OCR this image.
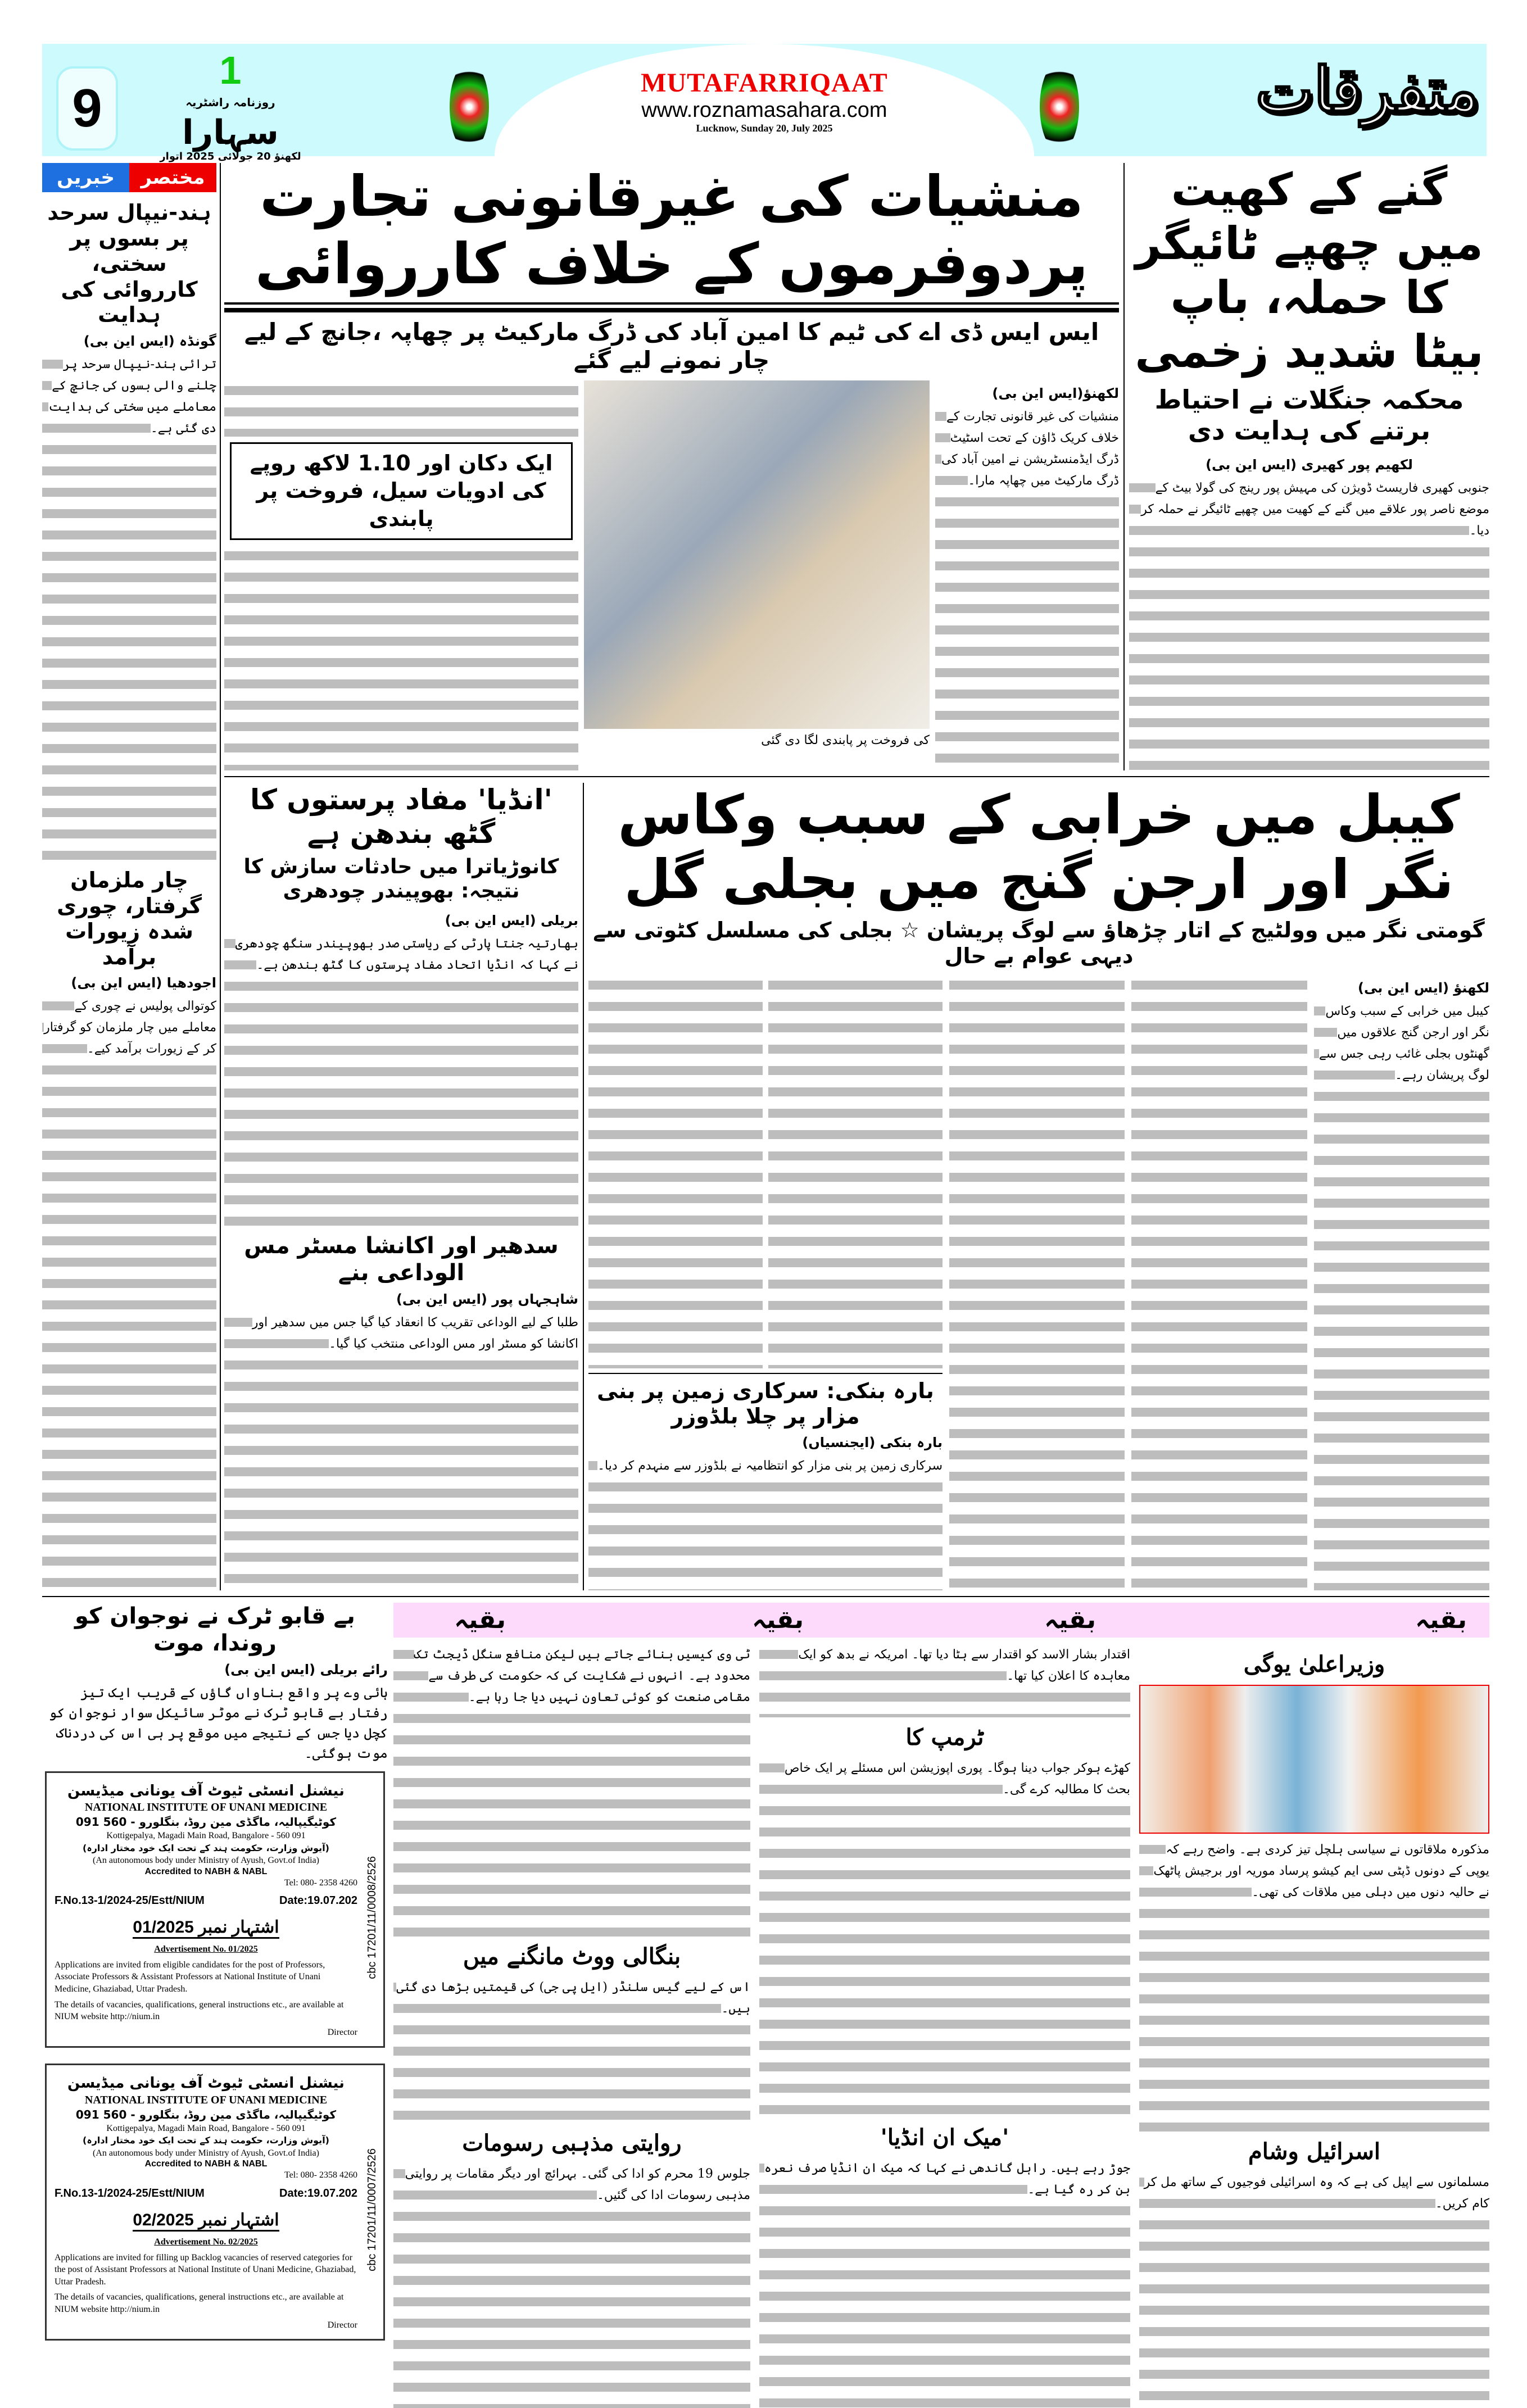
9
1
روزنامہ راشٹریہ
سہارا
لکھنؤ 20 جولائی 2025 اتوار
MUTAFARRIQAAT
www.roznamasahara.com
Lucknow, Sunday 20, July 2025
متفرقات
خبریں	مختصر
ہند-نیپال سرحد پر بسوں پر سختی، کارروائی کی ہدایت
گونڈہ (ایس این بی)
ترائی ہند-نیپال سرحد پر چلنے والی بسوں کی جانچ کے معاملے میں سختی کی ہدایت دی گئی ہے۔
چار ملزمان گرفتار، چوری شدہ زیورات برآمد
اجودھیا (ایس این بی)
کوتوالی پولیس نے چوری کے معاملے میں چار ملزمان کو گرفتار کر کے زیورات برآمد کیے۔
منشیات کی غیرقانونی تجارت پردوفرموں کے خلاف کارروائی
ایس ایس ڈی اے کی ٹیم کا امین آباد کی ڈرگ مارکیٹ پر چھاپہ ،جانچ کے لیے چار نمونے لیے گئے
ایک دکان اور 1.10 لاکھ روپے کی ادویات سیل، فروخت پر پابندی
کی فروخت پر پابندی لگا دی گئی
لکھنؤ(ایس این بی)
منشیات کی غیر قانونی تجارت کے خلاف کریک ڈاؤن کے تحت اسٹیٹ ڈرگ ایڈمنسٹریشن نے امین آباد کی ڈرگ مارکیٹ میں چھاپہ مارا۔
گنے کے کھیت میں چھپے ٹائیگر کا حملہ، باپ بیٹا شدید زخمی
محکمہ جنگلات نے احتیاط برتنے کی ہدایت دی
لکھیم پور کھیری (ایس این بی)
جنوبی کھیری فاریسٹ ڈویژن کی مہیش پور رینج کی گولا بیٹ کے موضع ناصر پور علاقے میں گنے کے کھیت میں چھپے ٹائیگر نے حملہ کر دیا۔
'انڈیا' مفاد پرستوں کا گٹھ بندھن ہے
کانوڑیاترا میں حادثات سازش کا نتیجہ: بھوپیندر چودھری
بریلی (ایس این بی)
بھارتیہ جنتا پارٹی کے ریاستی صدر بھوپیندر سنگھ چودھری نے کہا کہ انڈیا اتحاد مفاد پرستوں کا گٹھ بندھن ہے۔
سدھیر اور اکانشا مسٹر مس الوداعی بنے
شاہجہاں پور (ایس این بی)
طلبا کے لیے الوداعی تقریب کا انعقاد کیا گیا جس میں سدھیر اور اکانشا کو مسٹر اور مس الوداعی منتخب کیا گیا۔
کیبل میں خرابی کے سبب وکاس نگر اور ارجن گنج میں بجلی گل
گومتی نگر میں وولٹیج کے اتار چڑھاؤ سے لوگ پریشان ☆ بجلی کی مسلسل کٹوتی سے دیہی عوام بے حال
بارہ بنکی: سرکاری زمین پر بنی مزار پر چلا بلڈوزر
بارہ بنکی (ایجنسیاں)
سرکاری زمین پر بنی مزار کو انتظامیہ نے بلڈوزر سے منہدم کر دیا۔
لکھنؤ (ایس این بی)
کیبل میں خرابی کے سبب وکاس نگر اور ارجن گنج علاقوں میں گھنٹوں بجلی غائب رہی جس سے لوگ پریشان رہے۔
بے قابو ٹرک نے نوجوان کو روندا، موت
رائے بریلی (ایس این بی)
ہائی وے پر واقع بناواں گاؤں کے قریب ایک تیز رفتار بے قابو ٹرک نے موٹر سائیکل سوار نوجوان کو کچل دیا جس کے نتیجے میں موقع پر ہی اس کی دردناک موت ہوگئی۔
نیشنل انسٹی ٹیوٹ آف یونانی میڈیسن
NATIONAL INSTITUTE OF UNANI MEDICINE
کوٹیگیپالیہ، ماگڈی مین روڈ، بنگلورو - 560 091
Kottigepalya, Magadi Main Road, Bangalore - 560 091
(آیوش وزارت، حکومت ہند کے تحت ایک خود مختار ادارہ)
(An autonomous body under Ministry of Ayush, Govt.of India)
Accredited to NABH & NABL
Tel: 080- 2358 4260
F.No.13-1/2024-25/Estt/NIUM	Date:19.07.202
اشتہار نمبر 01/2025
Advertisement No. 01/2025

Applications are invited from eligible candidates for the post of Professors, Associate Professors & Assistant Professors at National Institute of Unani Medicine, Ghaziabad, Uttar Pradesh.

The details of vacancies, qualifications, general instructions etc., are available at NIUM website http://nium.in

Director
cbc 17201/11/0008/2526
نیشنل انسٹی ٹیوٹ آف یونانی میڈیسن
NATIONAL INSTITUTE OF UNANI MEDICINE
کوٹیگیپالیہ، ماگڈی مین روڈ، بنگلورو - 560 091
Kottigepalya, Magadi Main Road, Bangalore - 560 091
(آیوش وزارت، حکومت ہند کے تحت ایک خود مختار ادارہ)
(An autonomous body under Ministry of Ayush, Govt.of India)
Accredited to NABH & NABL
Tel: 080- 2358 4260
F.No.13-1/2024-25/Estt/NIUM	Date:19.07.202
اشتہار نمبر 02/2025
Advertisement No. 02/2025

Applications are invited for filling up Backlog vacancies of reserved categories for the post of Assistant Professors at National Institute of Unani Medicine, Ghaziabad, Uttar Pradesh.

The details of vacancies, qualifications, general instructions etc., are available at NIUM website http://nium.in

Director
cbc 17201/11/0007/2526
بقیہ
بقیہ
بقیہ
بقیہ
ٹی وی کیسیں بنائے جاتے ہیں لیکن منافع سنگل ڈیجٹ تک محدود ہے۔ انہوں نے شکایت کی کہ حکومت کی طرف سے مقامی صنعت کو کوئی تعاون نہیں دیا جا رہا ہے۔
بنگالی ووٹ مانگنے میں
اس کے لیے گیس سلنڈر (ایل پی جی) کی قیمتیں بڑھا دی گئی ہیں۔
روایتی مذہبی رسومات
جلوس 19 محرم کو ادا کی گئی۔ بہرائچ اور دیگر مقامات پر روایتی مذہبی رسومات ادا کی گئیں۔
اقتدار بشار الاسد کو اقتدار سے ہٹا دیا تھا۔ امریکہ نے بدھ کو ایک معاہدہ کا اعلان کیا تھا۔
ٹرمپ کا
کھڑے ہوکر جواب دینا ہوگا۔ پوری اپوزیشن اس مسئلے پر ایک خاص بحث کا مطالبہ کرے گی۔
'میک ان انڈیا'
جوڑ رہے ہیں۔ راہل گاندھی نے کہا کہ میک ان انڈیا صرف نعرہ بن کر رہ گیا ہے۔
وزیراعلیٰ یوگی
مذکورہ ملاقاتوں نے سیاسی ہلچل تیز کردی ہے۔ واضح رہے کہ یوپی کے دونوں ڈپٹی سی ایم کیشو پرساد موریہ اور برجیش پاٹھک نے حالیہ دنوں میں دہلی میں ملاقات کی تھی۔
اسرائیل وشام
مسلمانوں سے اپیل کی ہے کہ وہ اسرائیلی فوجیوں کے ساتھ مل کر کام کریں۔
